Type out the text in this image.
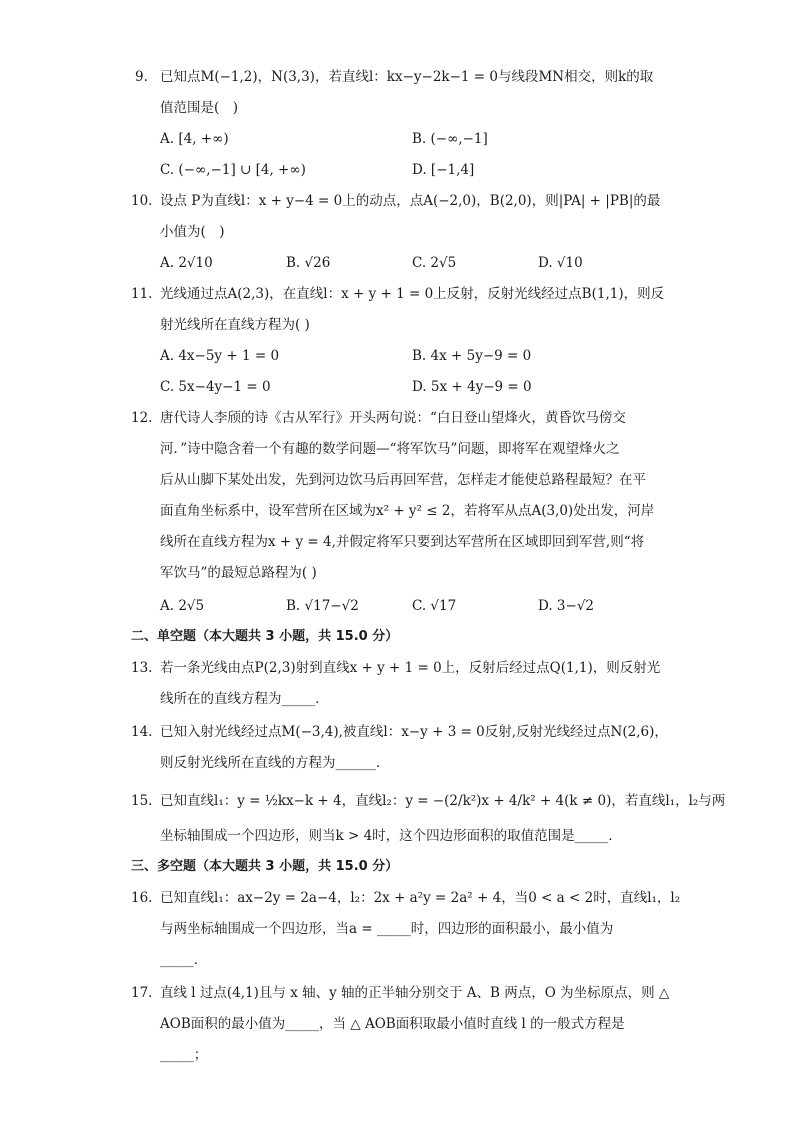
9. 已知点M(−1,2)，N(3,3)，若直线l：kx−y−2k−1 = 0与线段MN相交，则k的取
值范围是(　)
A. [4, +∞)	B. (−∞,−1]
C. (−∞,−1] ∪ [4, +∞)	D. [−1,4]
10. 设点 P为直线l：x + y−4 = 0上的动点，点A(−2,0)，B(2,0)，则|PA| + |PB|的最
小值为(　)
A. 2√10	B. √26	C. 2√5	D. √10
11. 光线通过点A(2,3)，在直线l：x + y + 1 = 0上反射，反射光线经过点B(1,1)，则反
射光线所在直线方程为( )
A. 4x−5y + 1 = 0	B. 4x + 5y−9 = 0
C. 5x−4y−1 = 0	D. 5x + 4y−9 = 0
12. 唐代诗人李颀的诗《古从军行》开头两句说：“白日登山望烽火，黄昏饮马傍交
河．”诗中隐含着一个有趣的数学问题—“将军饮马”问题，即将军在观望烽火之
后从山脚下某处出发，先到河边饮马后再回军营，怎样走才能使总路程最短？在平
面直角坐标系中，设军营所在区域为x² + y² ≤ 2，若将军从点A(3,0)处出发，河岸
线所在直线方程为x + y = 4,并假定将军只要到达军营所在区域即回到军营,则“将
军饮马”的最短总路程为( )
A. 2√5	B. √17−√2	C. √17	D. 3−√2
二、单空题（本大题共 3 小题，共 15.0 分）
13. 若一条光线由点P(2,3)射到直线x + y + 1 = 0上，反射后经过点Q(1,1)，则反射光
线所在的直线方程为_____．
14. 已知入射光线经过点M(−3,4),被直线l：x−y + 3 = 0反射,反射光线经过点N(2,6)，
则反射光线所在直线的方程为______．
15. 已知直线l₁：y = ½kx−k + 4，直线l₂：y = −(2/k²)x + 4/k² + 4(k ≠ 0)，若直线l₁，l₂与两
坐标轴围成一个四边形，则当k > 4时，这个四边形面积的取值范围是_____．
三、多空题（本大题共 3 小题，共 15.0 分）
16. 已知直线l₁：ax−2y = 2a−4，l₂：2x + a²y = 2a² + 4，当0 < a < 2时，直线l₁，l₂
与两坐标轴围成一个四边形，当a = _____时，四边形的面积最小，最小值为
_____．
17. 直线 l 过点(4,1)且与 x 轴、y 轴的正半轴分别交于 A、B 两点，O 为坐标原点，则 △
AOB面积的最小值为_____，当 △ AOB面积取最小值时直线 l 的一般式方程是
_____；
